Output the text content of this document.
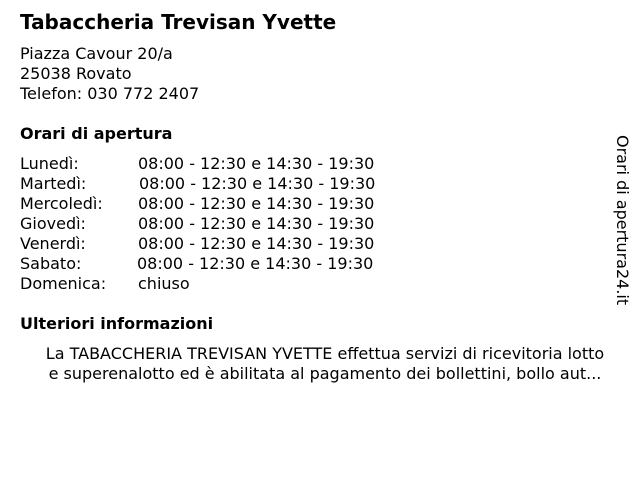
Tabaccheria Trevisan Yvette
Piazza Cavour 20/a
25038 Rovato
Telefon: 030 772 2407
Orari di apertura
Lunedì:	08:00 - 12:30 e 14:30 - 19:30
Martedì:	08:00 - 12:30 e 14:30 - 19:30
Mercoledì: 08:00 - 12:30 e 14:30 - 19:30
Giovedì:	08:00 - 12:30 e 14:30 - 19:30
Venerdì:	08:00 - 12:30 e 14:30 - 19:30
Sabato:	08:00 - 12:30 e 14:30 - 19:30
Domenica: chiuso
Ulteriori informazioni
La TABACCHERIA TREVISAN YVETTE effettua servizi di ricevitoria lotto
e superenalotto ed è abilitata al pagamento dei bollettini, bollo aut...
Orari di apertura24.it
